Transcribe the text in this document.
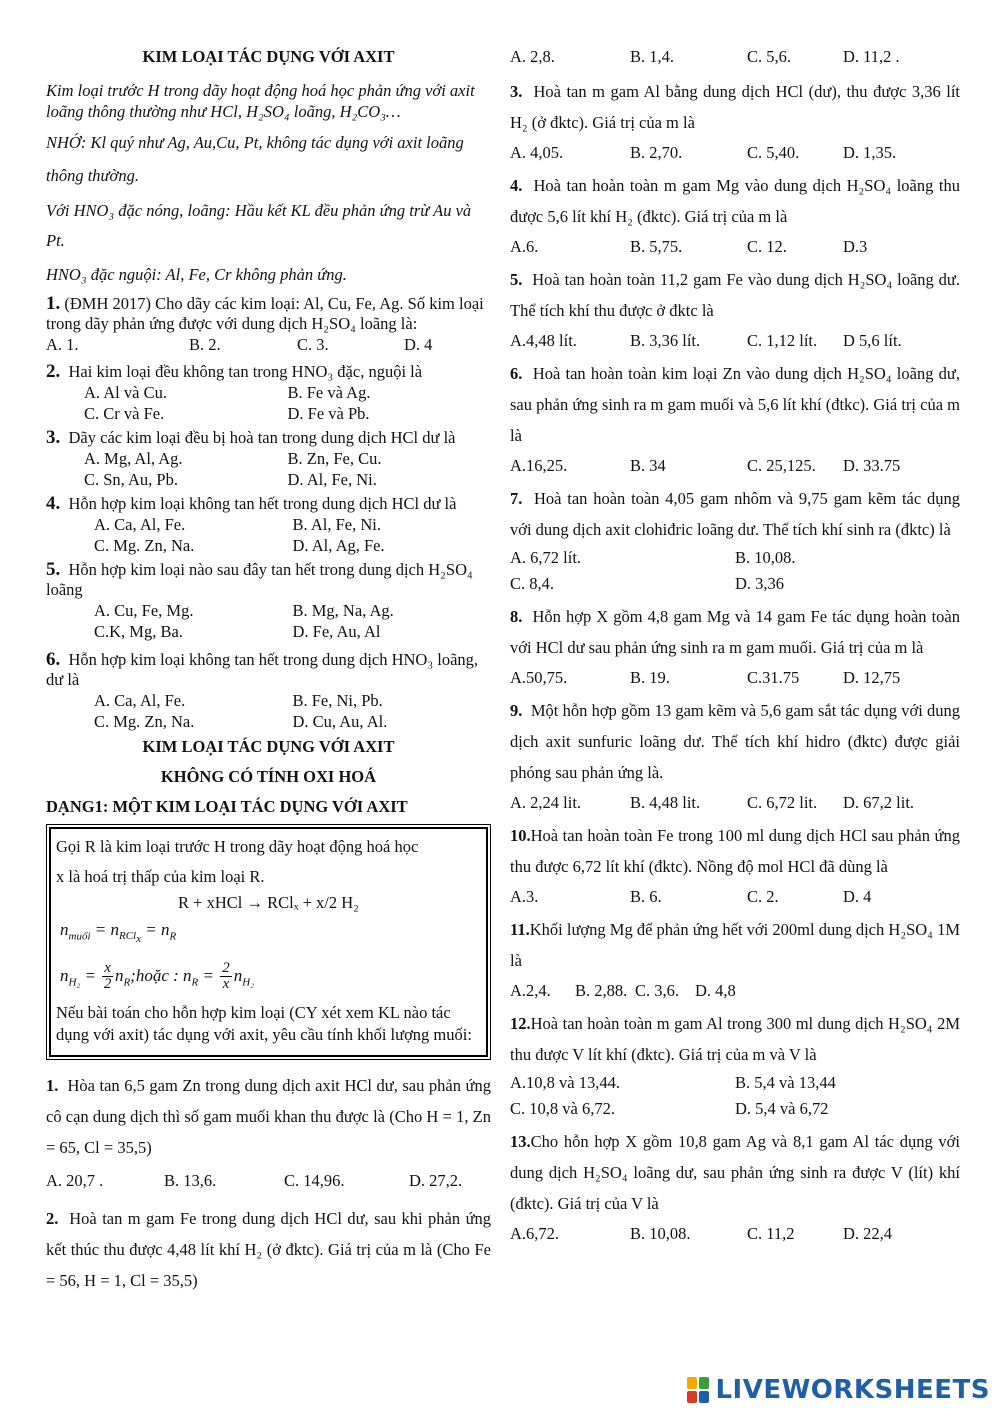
KIM LOẠI TÁC DỤNG VỚI AXIT
Kim loại trước H trong dãy hoạt động hoá học phản ứng với axit loãng thông thường như HCl, H₂SO₄ loãng, H₂CO₃…
NHỚ: Kl quý như Ag, Au,Cu, Pt, không tác dụng với axit loãng thông thường.
Với HNO₃ đặc nóng, loãng: Hầu kết KL đều phản ứng trừ Au và Pt.
HNO₃ đặc nguội: Al, Fe, Cr không phản ứng.
1. (ĐMH 2017) Cho dãy các kim loại: Al, Cu, Fe, Ag. Số kim loại trong dãy phản ứng được với dung dịch H₂SO₄ loãng là:
A. 1.	B. 2.	C. 3.	D. 4
2. Hai kim loại đều không tan trong HNO₃ đặc, nguội là
A. Al và Cu.	B. Fe và Ag.
C. Cr và Fe.	D. Fe và Pb.
3. Dãy các kim loại đều bị hoà tan trong dung dịch HCl dư là
A. Mg, Al, Ag.	B. Zn, Fe, Cu.
C. Sn, Au, Pb.	D. Al, Fe, Ni.
4. Hỗn hợp kim loại không tan hết trong dung dịch HCl dư là
A. Ca, Al, Fe.	B. Al, Fe, Ni.
C. Mg. Zn, Na.	D. Al, Ag, Fe.
5. Hỗn hợp kim loại nào sau đây tan hết trong dung dịch H₂SO₄ loãng
A. Cu, Fe, Mg.	B. Mg, Na, Ag.
C.K, Mg, Ba.	D. Fe, Au, Al
6. Hỗn hợp kim loại không tan hết trong dung dịch HNO₃ loãng, dư là
A. Ca, Al, Fe.	B. Fe, Ni, Pb.
C. Mg. Zn, Na.	D. Cu, Au, Al.
KIM LOẠI TÁC DỤNG VỚI AXIT
KHÔNG CÓ TÍNH OXI HOÁ
DẠNG1: MỘT KIM LOẠI TÁC DỤNG VỚI AXIT
Gọi R là kim loại trước H trong dãy hoạt động hoá học
x là hoá trị thấp của kim loại R.
R + xHCl → RClₓ + x/2 H₂
$n_{muối} = n_{RCl_x} = n_R$
$n_{H_2} = \frac{x}{2}$ $n_R;hoặc$ : $n_R = \frac{2}{x} n_{H_2}$
Nếu bài toán cho hỗn hợp kim loại (CY xét xem KL nào tác dụng với axit) tác dụng với axit, yêu cầu tính khối lượng muối:
1. Hòa tan 6,5 gam Zn trong dung dịch axit HCl dư, sau phản ứng cô cạn dung dịch thì số gam muối khan thu được là (Cho H = 1, Zn = 65, Cl = 35,5)
A. 20,7 .	B. 13,6.	C. 14,96.	D. 27,2.
2. Hoà tan m gam Fe trong dung dịch HCl dư, sau khi phản ứng kết thúc thu được 4,48 lít khí H₂ (ở đktc). Giá trị của m là (Cho Fe = 56, H = 1, Cl = 35,5)
A. 2,8.	B. 1,4.	C. 5,6.	D. 11,2 .
3. Hoà tan m gam Al bằng dung dịch HCl (dư), thu được 3,36 lít H₂ (ở đktc). Giá trị của m là
A. 4,05.	B. 2,70.	C. 5,40.	D. 1,35.
4. Hoà tan hoàn toàn m gam Mg vào dung dịch H₂SO₄ loãng thu được 5,6 lít khí H₂ (đktc). Giá trị của m là
A.6.	B. 5,75.	C. 12.	D.3
5. Hoà tan hoàn toàn 11,2 gam Fe vào dung dịch H₂SO₄ loãng dư. Thể tích khí thu được ở đktc là
A.4,48 lít.	B. 3,36 lít.	C. 1,12 lít.	D 5,6 lít.
6. Hoà tan hoàn toàn kim loại Zn vào dung dịch H₂SO₄ loãng dư, sau phản ứng sinh ra m gam muối và 5,6 lít khí (đtkc). Giá trị của m là
A.16,25.	B. 34	C. 25,125.	D. 33.75
7. Hoà tan hoàn toàn 4,05 gam nhôm và 9,75 gam kẽm tác dụng với dung dịch axit clohiđric loãng dư. Thể tích khí sinh ra (đktc) là
A. 6,72 lít.	B. 10,08.
C. 8,4.	D. 3,36
8. Hỗn hợp X gồm 4,8 gam Mg và 14 gam Fe tác dụng hoàn toàn với HCl dư sau phản ứng sinh ra m gam muối. Giá trị của m là
A.50,75.	B. 19.	C.31.75	D. 12,75
9. Một hỗn hợp gồm 13 gam kẽm và 5,6 gam sắt tác dụng với dung dịch axit sunfuric loãng dư. Thể tích khí hidro (đktc) được giải phóng sau phản ứng là.
A. 2,24 lit.	B. 4,48 lit.	C. 6,72 lit.	D. 67,2 lit.
10.Hoà tan hoàn toàn Fe trong 100 ml dung dịch HCl sau phản ứng thu được 6,72 lít khí (đktc). Nồng độ mol HCl đã dùng là
A.3.	B. 6.	C. 2.	D. 4
11.Khối lượng Mg để phản ứng hết với 200ml dung dịch H₂SO₄ 1M là
A.2,4.	B. 2,88. C. 3,6. D. 4,8
12.Hoà tan hoàn toàn m gam Al trong 300 ml dung dịch H₂SO₄ 2M thu được V lít khí (đktc). Giá trị của m và V là
A.10,8 và 13,44.	B. 5,4 và 13,44
C. 10,8 và 6,72.	D. 5,4 và 6,72
13.Cho hỗn hợp X gồm 10,8 gam Ag và 8,1 gam Al tác dụng với dung dịch H₂SO₄ loãng dư, sau phản ứng sinh ra được V (lít) khí (đktc). Giá trị của V là
A.6,72.	B. 10,08.	C. 11,2	D. 22,4
LIVEWORKSHEETS
